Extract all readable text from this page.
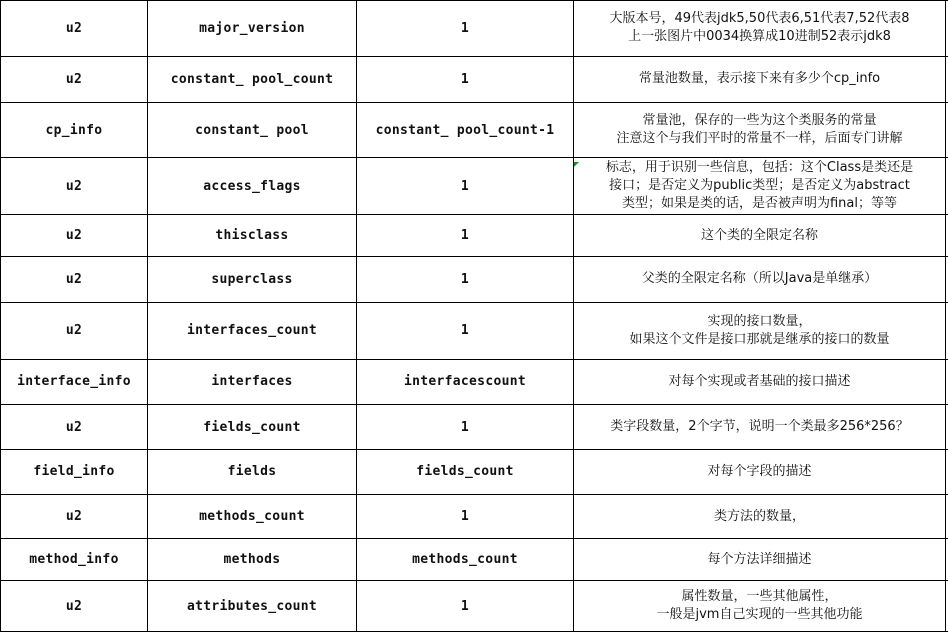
u2	major_version	1	大版本号，49代表jdk5,50代表6,51代表7,52代表8
上一张图片中0034换算成10进制52表示jdk8	

u2	constant_ pool_count	1	常量池数量，表示接下来有多少个cp_info	

cp_info	constant_ pool	constant_ pool_count-1	常量池，保存的一些为这个类服务的常量
注意这个与我们平时的常量不一样，后面专门讲解	

u2	access_flags	1	标志，用于识别一些信息，包括：这个Class是类还是
接口；是否定义为public类型；是否定义为abstract
类型；如果是类的话，是否被声明为final；等等	

u2	thisclass	1	这个类的全限定名称	

u2	superclass	1	父类的全限定名称（所以Java是单继承）	

u2	interfaces_count	1	实现的接口数量，
如果这个文件是接口那就是继承的接口的数量	

interface_info	interfaces	interfacescount	对每个实现或者基础的接口描述	

u2	fields_count	1	类字段数量，2个字节，说明一个类最多256*256？	

field_info	fields	fields_count	对每个字段的描述	

u2	methods_count	1	类方法的数量，	

method_info	methods	methods_count	每个方法详细描述	

u2	attributes_count	1	属性数量，一些其他属性，
一般是jvm自己实现的一些其他功能	
